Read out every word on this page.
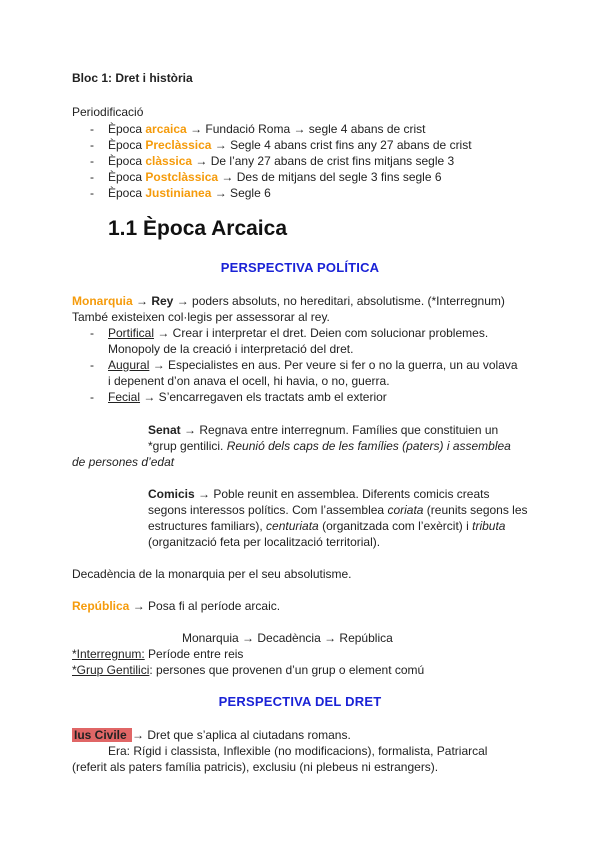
Bloc 1: Dret i història
Periodificació
- Època arcaica → Fundació Roma → segle 4 abans de crist
- Època Preclàssica → Segle 4 abans crist fins any 27 abans de crist
- Època clàssica → De l’any 27 abans de crist fins mitjans segle 3
- Època Postclàssica → Des de mitjans del segle 3 fins segle 6
- Època Justinianea → Segle 6
1.1 Època Arcaica
PERSPECTIVA POLÍTICA
Monarquia → Rey → poders absoluts, no hereditari, absolutisme. (*Interregnum)
També existeixen col·legis per assessorar al rey.
- Portifical → Crear i interpretar el dret. Deien com solucionar problemes.
Monopoly de la creació i interpretació del dret.
- Augural → Especialistes en aus. Per veure si fer o no la guerra, un au volava
i depenent d’on anava el ocell, hi havia, o no, guerra.
- Fecial → S’encarregaven els tractats amb el exterior
Senat → Regnava entre interregnum. Famílies que constituien un
*grup gentilici. Reunió dels caps de les famílies (paters) i assemblea
de persones d’edat
Comicis → Poble reunit en assemblea. Diferents comicis creats
segons interessos polítics. Com l’assemblea coriata (reunits segons les
estructures familiars), centuriata (organitzada com l’exèrcit) i tributa
(organització feta per localització territorial).
Decadència de la monarquia per el seu absolutisme.
República → Posa fi al període arcaic.
Monarquia → Decadència → República
*Interregnum: Període entre reis
*Grup Gentilici: persones que provenen d’un grup o element comú
PERSPECTIVA DEL DRET
Ius Civile → Dret que s’aplica al ciutadans romans.
Era: Rígid i classista, Inflexible (no modificacions), formalista, Patriarcal
(referit als paters família patricis), exclusiu (ni plebeus ni estrangers).
